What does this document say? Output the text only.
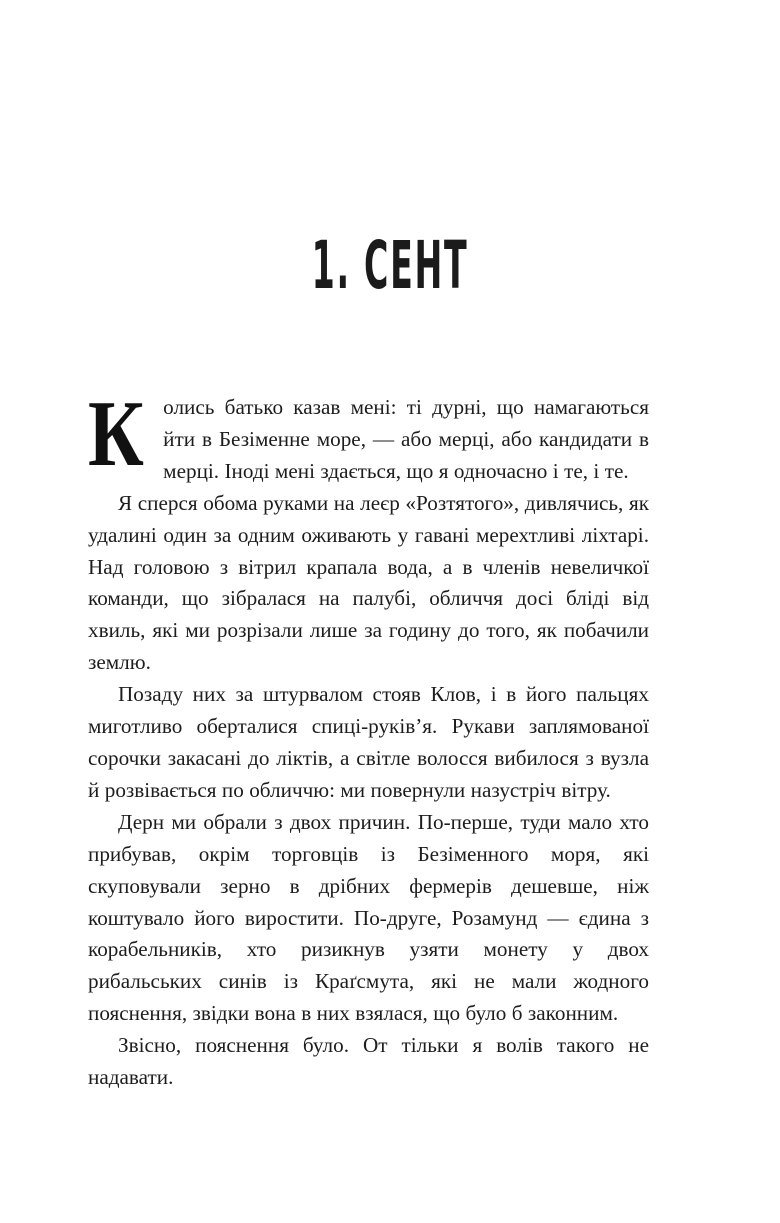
1. СЕНТ

Колись батько казав мені: ті дурні, що намагаються йти в Безіменне море, — або мерці, або кандидати в мерці. Іноді мені здається, що я одночасно і те, і те.

Я сперся обома руками на леєр «Розтятого», дивлячись, як удалині один за одним оживають у гавані мерехтливі ліхтарі. Над головою з вітрил крапала вода, а в членів невеличкої команди, що зібралася на палубі, обличчя досі бліді від хвиль, які ми розрізали лише за годину до того, як побачили землю.

Позаду них за штурвалом стояв Клов, і в його пальцях миготливо оберталися спиці-руків’я. Рукави заплямованої сорочки закасані до ліктів, а світле волосся вибилося з вузла й розвівається по обличчю: ми повернули назустріч вітру.

Дерн ми обрали з двох причин. По-перше, туди мало хто прибував, окрім торговців із Безіменного моря, які скуповували зерно в дрібних фермерів дешевше, ніж коштувало його виростити. По-друге, Розамунд — єдина з корабельників, хто ризикнув узяти монету у двох рибальських синів із Краґсмута, які не мали жодного пояснення, звідки вона в них взялася, що було б законним.

Звісно, пояснення було. От тільки я волів такого не надавати.
